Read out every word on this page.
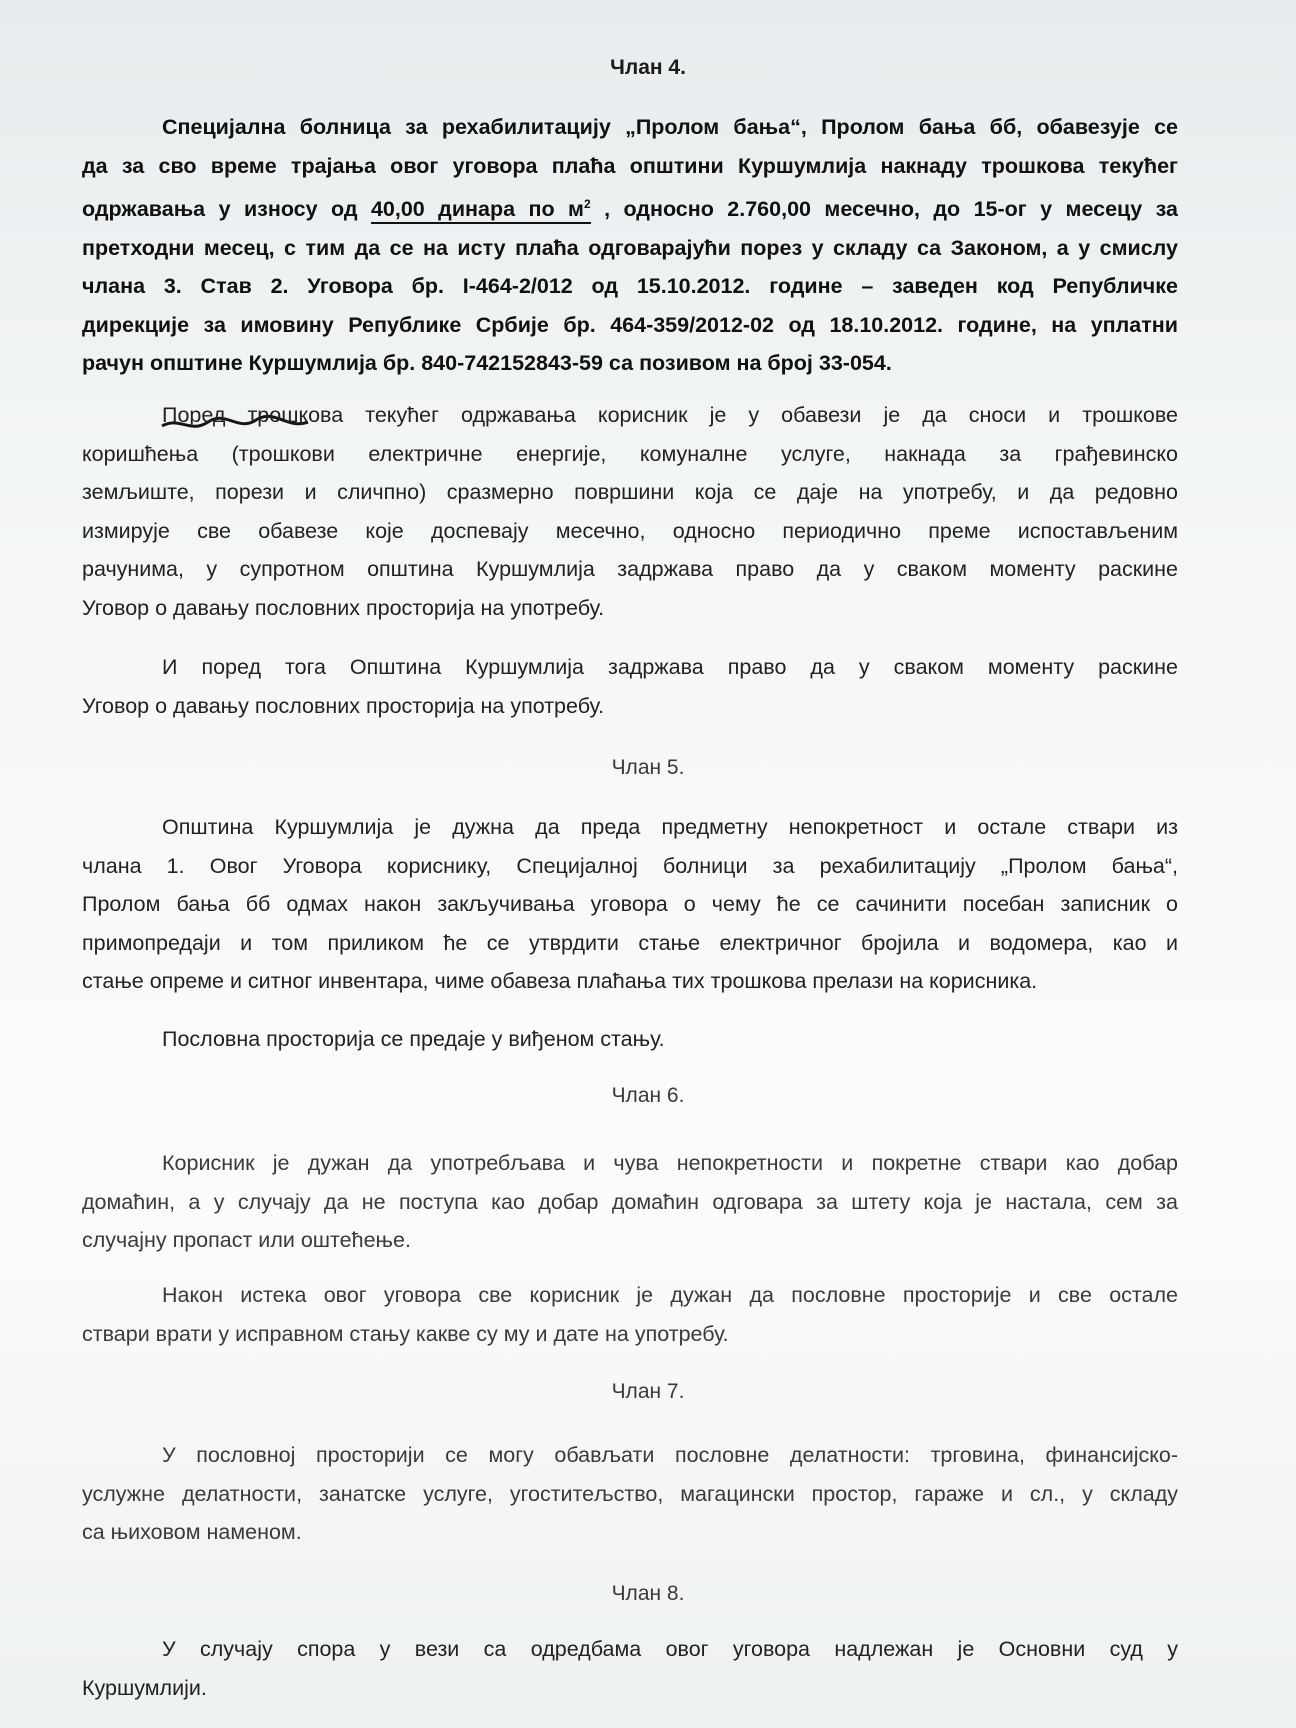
Члан 4.
Специјална болница за рехабилитацију „Пролом бања“, Пролом бања бб, обавезује се
да за сво време трајања овог уговора плаћа општини Куршумлија накнаду трошкова текућег
одржавања у износу од 40,00 динара по $м^2$ , односно 2.760,00 месечно, до 15-ог у месецу за
претходни месец, с тим да се на исту плаћа одговарајући порез у складу са Законом, а у смислу
члана 3. Став 2. Уговора бр. I-464-2/012 од 15.10.2012. године – заведен код Републичке
дирекције за имовину Републике Србије бр. 464-359/2012-02 од 18.10.2012. године, на уплатни
рачун општине Куршумлија бр. 840-742152843-59 са позивом на број 33-054.
Поред трошкова текућег одржавања корисник је у обавези је да сноси и трошкове
коришћења (трошкови електричне енергије, комуналне услуге, накнада за грађевинско
земљиште, порези и сличпно) сразмерно површини која се даје на употребу, и да редовно
измирује све обавезе које доспевају месечно, односно периодично преме испостављеним
рачунима, у супротном општина Куршумлија задржава право да у сваком моменту раскине
Уговор о давању пословних просторија на употребу.
И поред тога Општина Куршумлија задржава право да у сваком моменту раскине
Уговор о давању пословних просторија на употребу.
Члан 5.
Општина Куршумлија је дужна да преда предметну непокретност и остале ствари из
члана 1. Овог Уговора кориснику, Специјалној болници за рехабилитацију „Пролом бања“,
Пролом бања бб одмах након закључивања уговора о чему ће се сачинити посебан записник о
примопредаји и том приликом ће се утврдити стање електричног бројила и водомера, као и
стање опреме и ситног инвентара, чиме обавеза плаћања тих трошкова прелази на корисника.
Пословна просторија се предаје у виђеном стању.
Члан 6.
Корисник је дужан да употребљава и чува непокретности и покретне ствари као добар
домаћин, а у случају да не поступа као добар домаћин одговара за штету која је настала, сем за
случајну пропаст или оштећење.
Након истека овог уговора све корисник је дужан да пословне просторије и све остале
ствари врати у исправном стању какве су му и дате на употребу.
Члан 7.
У пословној просторији се могу обављати пословне делатности: трговина, финансијско-
услужне делатности, занатске услуге, угоститељство, магацински простор, гараже и сл., у складу
са њиховом наменом.
Члан 8.
У случају спора у вези са одредбама овог уговора надлежан је Основни суд у
Куршумлији.
